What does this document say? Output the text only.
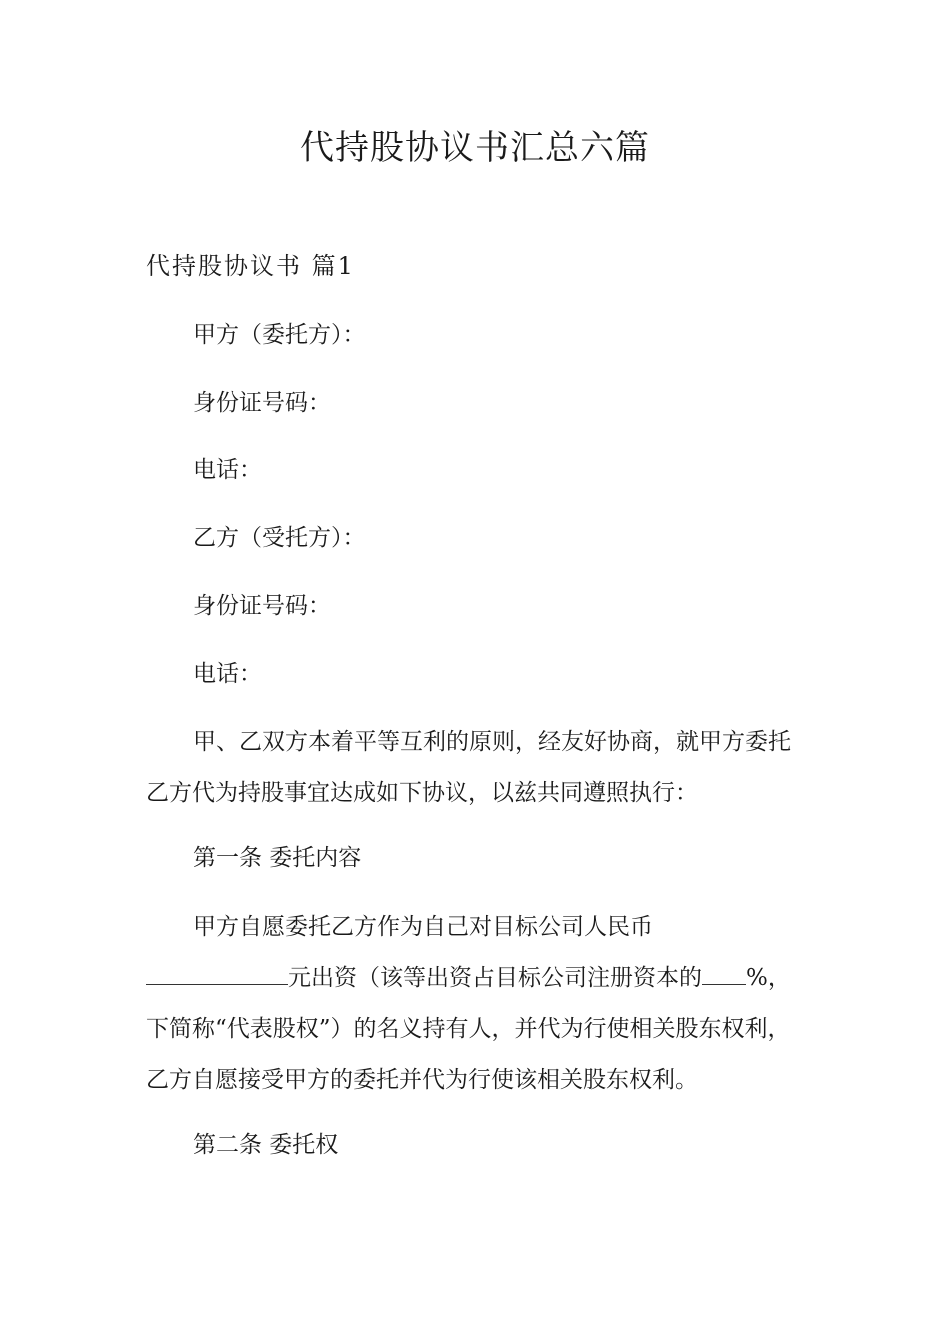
代持股协议书汇总六篇
代持股协议书 篇1

甲方（委托方）：

身份证号码：

电话：

乙方（受托方）：

身份证号码：

电话：

甲、乙双方本着平等互利的原则，经友好协商，就甲方委托

乙方代为持股事宜达成如下协议，以兹共同遵照执行：

第一条 委托内容

甲方自愿委托乙方作为自己对目标公司人民币

元出资（该等出资占目标公司注册资本的 %，

下简称“代表股权”）的名义持有人，并代为行使相关股东权利，

乙方自愿接受甲方的委托并代为行使该相关股东权利。

第二条 委托权
